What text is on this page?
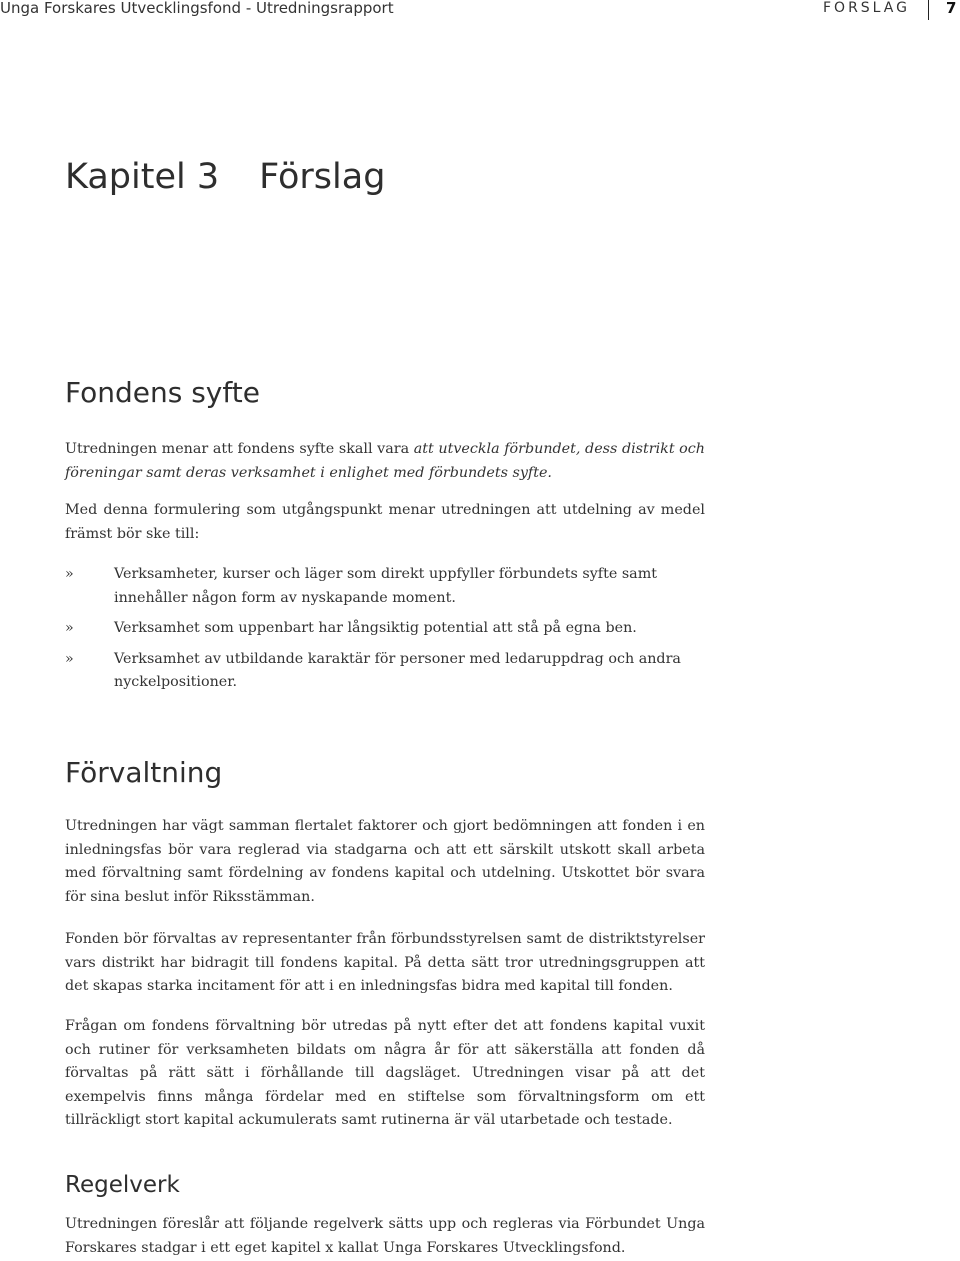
Unga Forskares Utvecklingsfond - Utredningsrapport	FÖRSLAG 7
Kapitel 3 Förslag
Fondens syfte

Utredningen menar att fondens syfte skall vara att utveckla förbundet, dess distrikt och föreningar samt deras verksamhet i enlighet med förbundets syfte.

Med denna formulering som utgångspunkt menar utredningen att utdelning av medel främst bör ske till:

»	Verksamheter, kurser och läger som direkt uppfyller förbundets syfte samt innehåller någon form av nyskapande moment.
»	Verksamhet som uppenbart har långsiktig potential att stå på egna ben.
»	Verksamhet av utbildande karaktär för personer med ledaruppdrag och andra nyckelpositioner.
Förvaltning

Utredningen har vägt samman flertalet faktorer och gjort bedömningen att fonden i en inledningsfas bör vara reglerad via stadgarna och att ett särskilt utskott skall arbeta med förvaltning samt fördelning av fondens kapital och utdelning. Utskottet bör svara för sina beslut inför Riksstämman.

Fonden bör förvaltas av representanter från förbundsstyrelsen samt de distriktstyrelser vars distrikt har bidragit till fondens kapital. På detta sätt tror utredningsgruppen att det skapas starka incitament för att i en inledningsfas bidra med kapital till fonden.

Frågan om fondens förvaltning bör utredas på nytt efter det att fondens kapital vuxit och rutiner för verksamheten bildats om några år för att säkerställa att fonden då förvaltas på rätt sätt i förhållande till dagsläget. Utredningen visar på att det exempelvis finns många fördelar med en stiftelse som förvaltningsform om ett tillräckligt stort kapital ackumulerats samt rutinerna är väl utarbetade och testade.

Regelverk

Utredningen föreslår att följande regelverk sätts upp och regleras via Förbundet Unga Forskares stadgar i ett eget kapitel x kallat Unga Forskares Utvecklingsfond.
